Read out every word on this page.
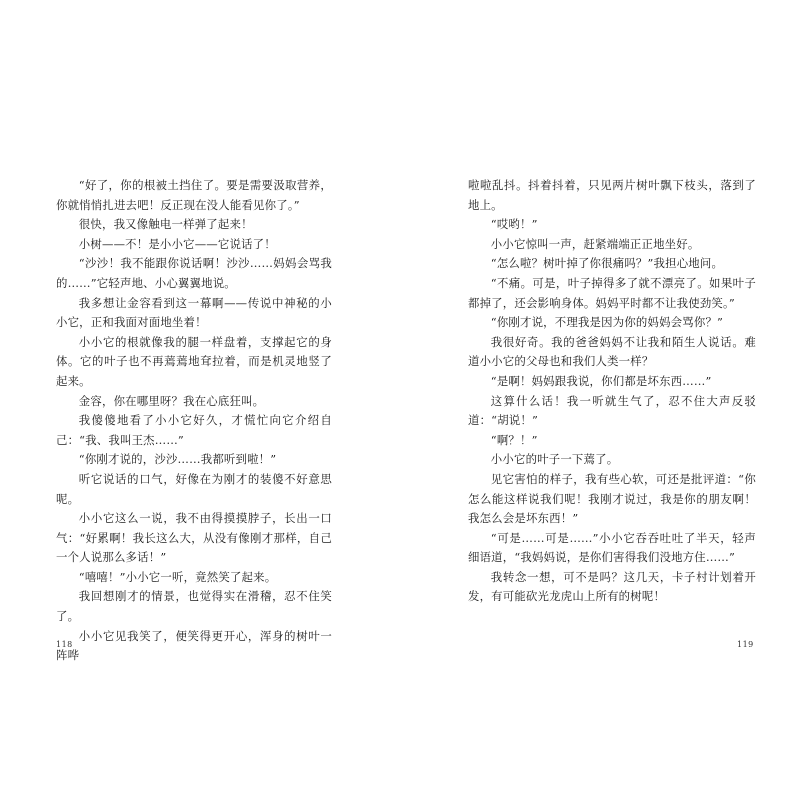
“好了，你的根被土挡住了。要是需要汲取营养，你就悄悄扎进去吧！反正现在没人能看见你了。”

很快，我又像触电一样弹了起来！

小树——不！是小小它——它说话了！

“沙沙！我不能跟你说话啊！沙沙……妈妈会骂我的……”它轻声地、小心翼翼地说。

我多想让金容看到这一幕啊——传说中神秘的小小它，正和我面对面地坐着！

小小它的根就像我的腿一样盘着，支撑起它的身体。它的叶子也不再蔫蔫地耷拉着，而是机灵地竖了起来。

金容，你在哪里呀？我在心底狂叫。

我傻傻地看了小小它好久，才慌忙向它介绍自己：“我、我叫王杰……”

“你刚才说的，沙沙……我都听到啦！”

听它说话的口气，好像在为刚才的装傻不好意思呢。

小小它这么一说，我不由得摸摸脖子，长出一口气：“好累啊！我长这么大，从没有像刚才那样，自己一个人说那么多话！”

“嘻嘻！”小小它一听，竟然笑了起来。

我回想刚才的情景，也觉得实在滑稽，忍不住笑了。

小小它见我笑了，便笑得更开心，浑身的树叶一阵哗

118

啦啦乱抖。抖着抖着，只见两片树叶飘下枝头，落到了地上。

“哎哟！”

小小它惊叫一声，赶紧端端正正地坐好。

“怎么啦？树叶掉了你很痛吗？”我担心地问。

“不痛。可是，叶子掉得多了就不漂亮了。如果叶子都掉了，还会影响身体。妈妈平时都不让我使劲笑。”

“你刚才说，不理我是因为你的妈妈会骂你？”

我很好奇。我的爸爸妈妈不让我和陌生人说话。难道小小它的父母也和我们人类一样？

“是啊！妈妈跟我说，你们都是坏东西……”

这算什么话！我一听就生气了，忍不住大声反驳道：“胡说！”

“啊？！”

小小它的叶子一下蔫了。

见它害怕的样子，我有些心软，可还是批评道：“你怎么能这样说我们呢！我刚才说过，我是你的朋友啊！我怎么会是坏东西！”

“可是……可是……”小小它吞吞吐吐了半天，轻声细语道，“我妈妈说，是你们害得我们没地方住……”

我转念一想，可不是吗？这几天，卡子村计划着开发，有可能砍光龙虎山上所有的树呢！

119
